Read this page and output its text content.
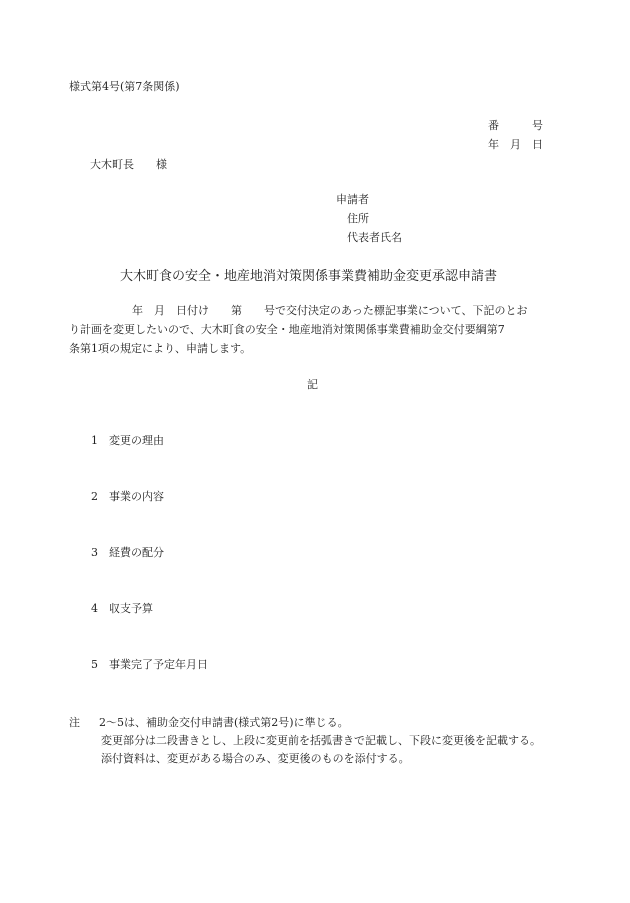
様式第4号(第7条関係)
番　　　号
年　月　日
大木町長　　様
申請者
住所
代表者氏名
大木町食の安全・地産地消対策関係事業費補助金変更承認申請書
年　月　日付け　　第　　号で交付決定のあった標記事業について、下記のとお
り計画を変更したいので、大木町食の安全・地産地消対策関係事業費補助金交付要綱第7
条第1項の規定により、申請します。
記
1 変更の理由
2 事業の内容
3 経費の配分
4 収支予算
5 事業完了予定年月日
注 2～5は、補助金交付申請書(様式第2号)に準じる。
変更部分は二段書きとし、上段に変更前を括弧書きで記載し、下段に変更後を記載する。
添付資料は、変更がある場合のみ、変更後のものを添付する。
